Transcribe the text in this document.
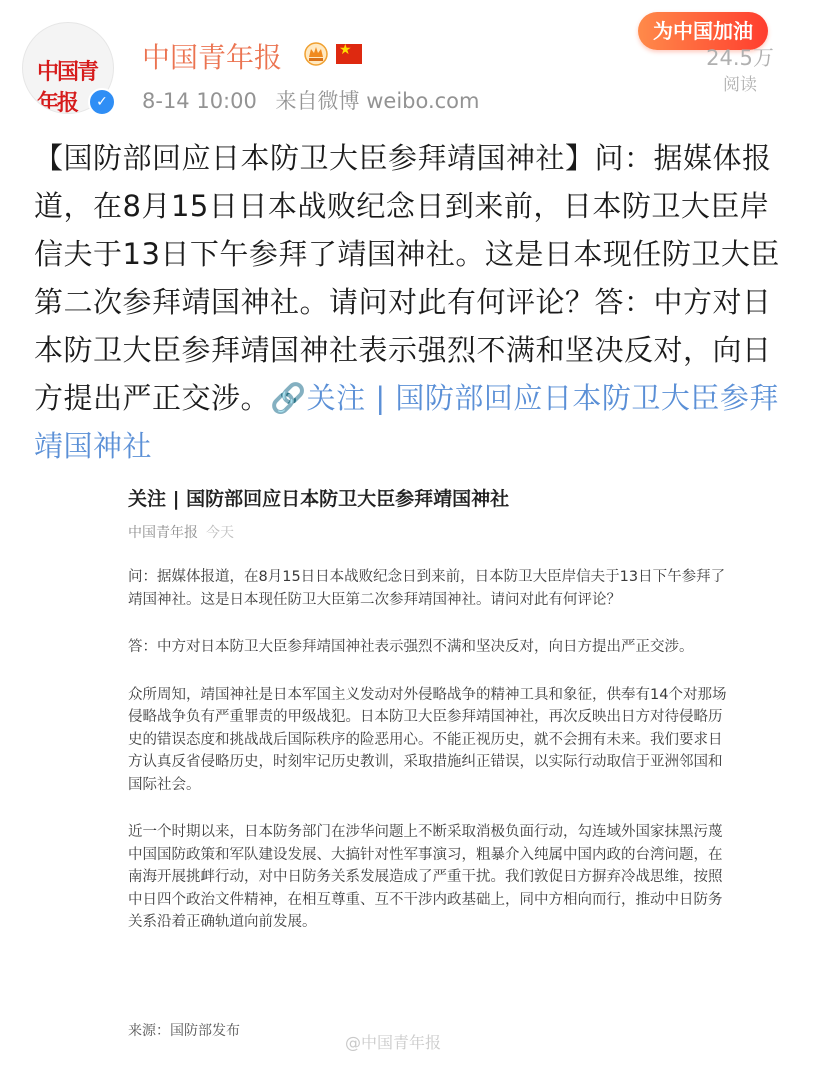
中国青年报	✓
中国青年报
★
8-14 10:00 来自微博 weibo.com
为中国加油
24.5万
阅读
【国防部回应日本防卫大臣参拜靖国神社】问：据媒体报道，在8月15日日本战败纪念日到来前，日本防卫大臣岸信夫于13日下午参拜了靖国神社。这是日本现任防卫大臣第二次参拜靖国神社。请问对此有何评论？答：中方对日本防卫大臣参拜靖国神社表示强烈不满和坚决反对，向日方提出严正交涉。🔗关注 | 国防部回应日本防卫大臣参拜靖国神社
关注 | 国防部回应日本防卫大臣参拜靖国神社
中国青年报 今天

问：据媒体报道，在8月15日日本战败纪念日到来前，日本防卫大臣岸信夫于13日下午参拜了靖国神社。这是日本现任防卫大臣第二次参拜靖国神社。请问对此有何评论？

答：中方对日本防卫大臣参拜靖国神社表示强烈不满和坚决反对，向日方提出严正交涉。

众所周知，靖国神社是日本军国主义发动对外侵略战争的精神工具和象征，供奉有14个对那场侵略战争负有严重罪责的甲级战犯。日本防卫大臣参拜靖国神社，再次反映出日方对待侵略历史的错误态度和挑战战后国际秩序的险恶用心。不能正视历史，就不会拥有未来。我们要求日方认真反省侵略历史，时刻牢记历史教训，采取措施纠正错误，以实际行动取信于亚洲邻国和国际社会。

近一个时期以来，日本防务部门在涉华问题上不断采取消极负面行动，勾连域外国家抹黑污蔑中国国防政策和军队建设发展、大搞针对性军事演习，粗暴介入纯属中国内政的台湾问题，在南海开展挑衅行动，对中日防务关系发展造成了严重干扰。我们敦促日方摒弃冷战思维，按照中日四个政治文件精神，在相互尊重、互不干涉内政基础上，同中方相向而行，推动中日防务关系沿着正确轨道向前发展。

来源：国防部发布
@中国青年报
